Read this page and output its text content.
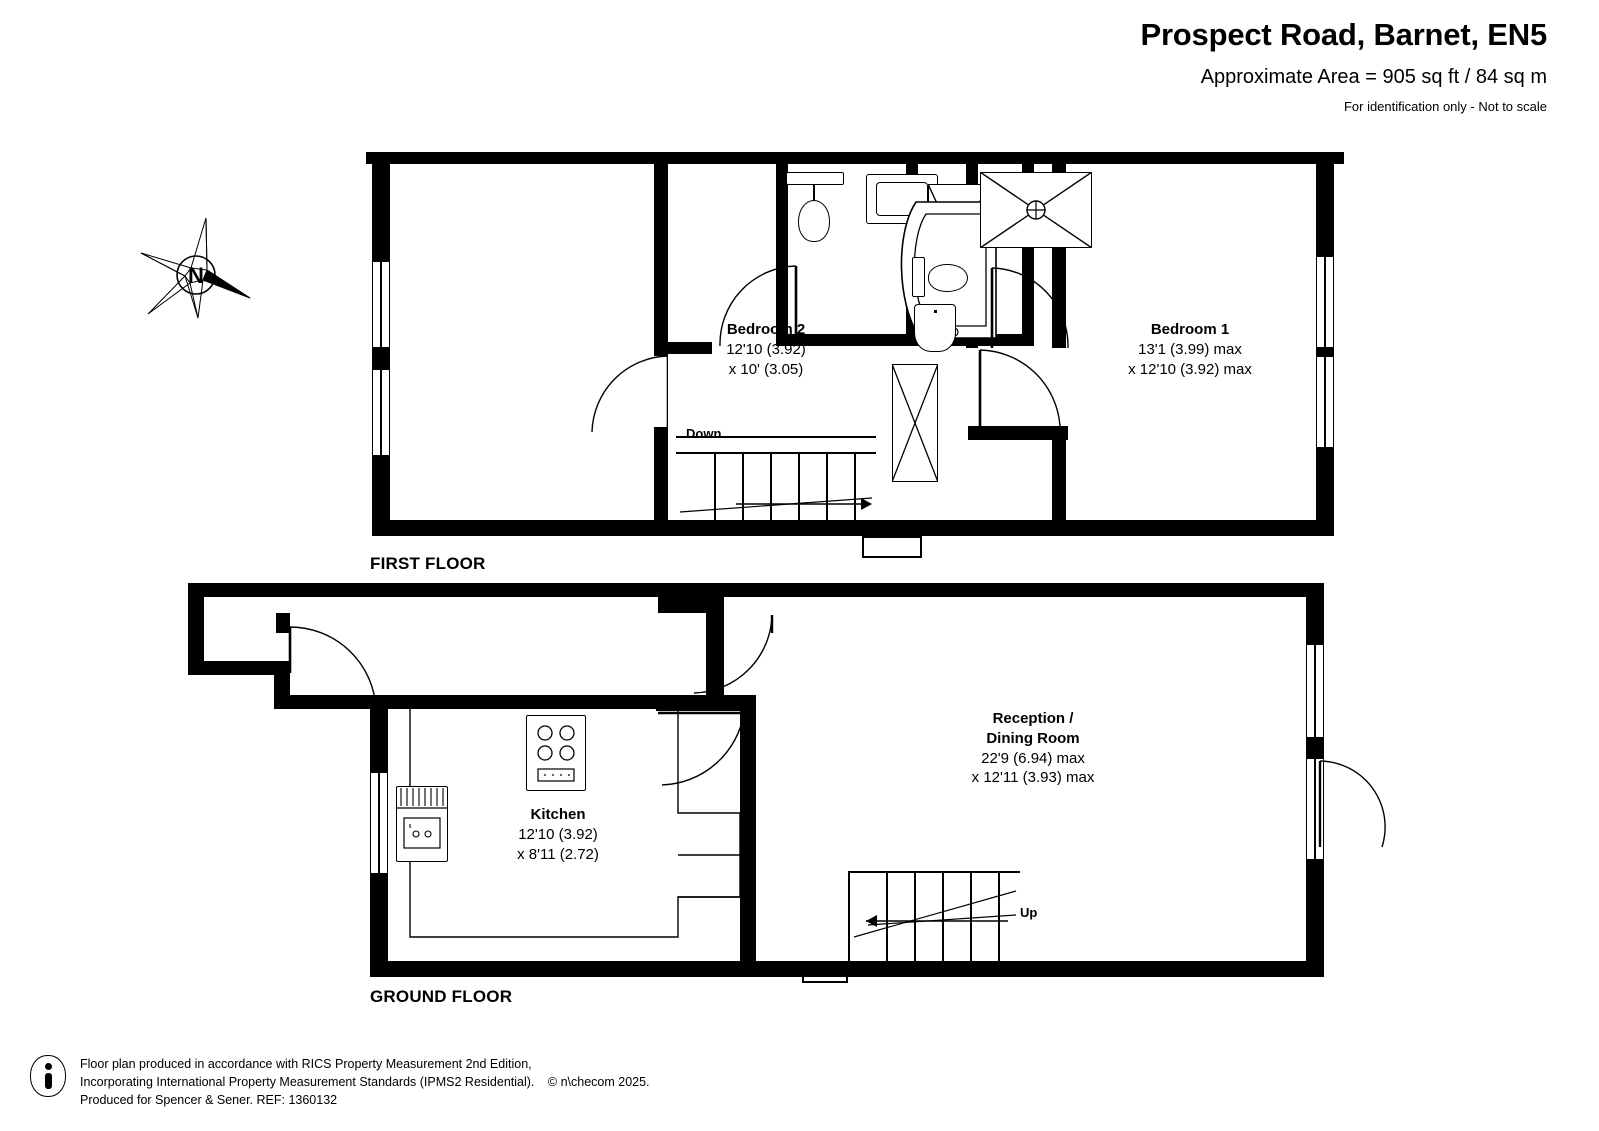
Prospect Road, Barnet, EN5
Approximate Area = 905 sq ft / 84 sq m
For identification only - Not to scale
N
Down
Bedroom 2
12'10 (3.92)
x 10' (3.05)
Bedroom 1
13'1 (3.99) max
x 12'10 (3.92) max
FIRST FLOOR
Up
Kitchen
12'10 (3.92)
x 8'11 (2.72)
Reception /
Dining Room
22'9 (6.94) max
x 12'11 (3.93) max
GROUND FLOOR
Floor plan produced in accordance with RICS Property Measurement 2nd Edition,
Incorporating International Property Measurement Standards (IPMS2 Residential). © n\checom 2025.
Produced for Spencer & Sener. REF: 1360132
